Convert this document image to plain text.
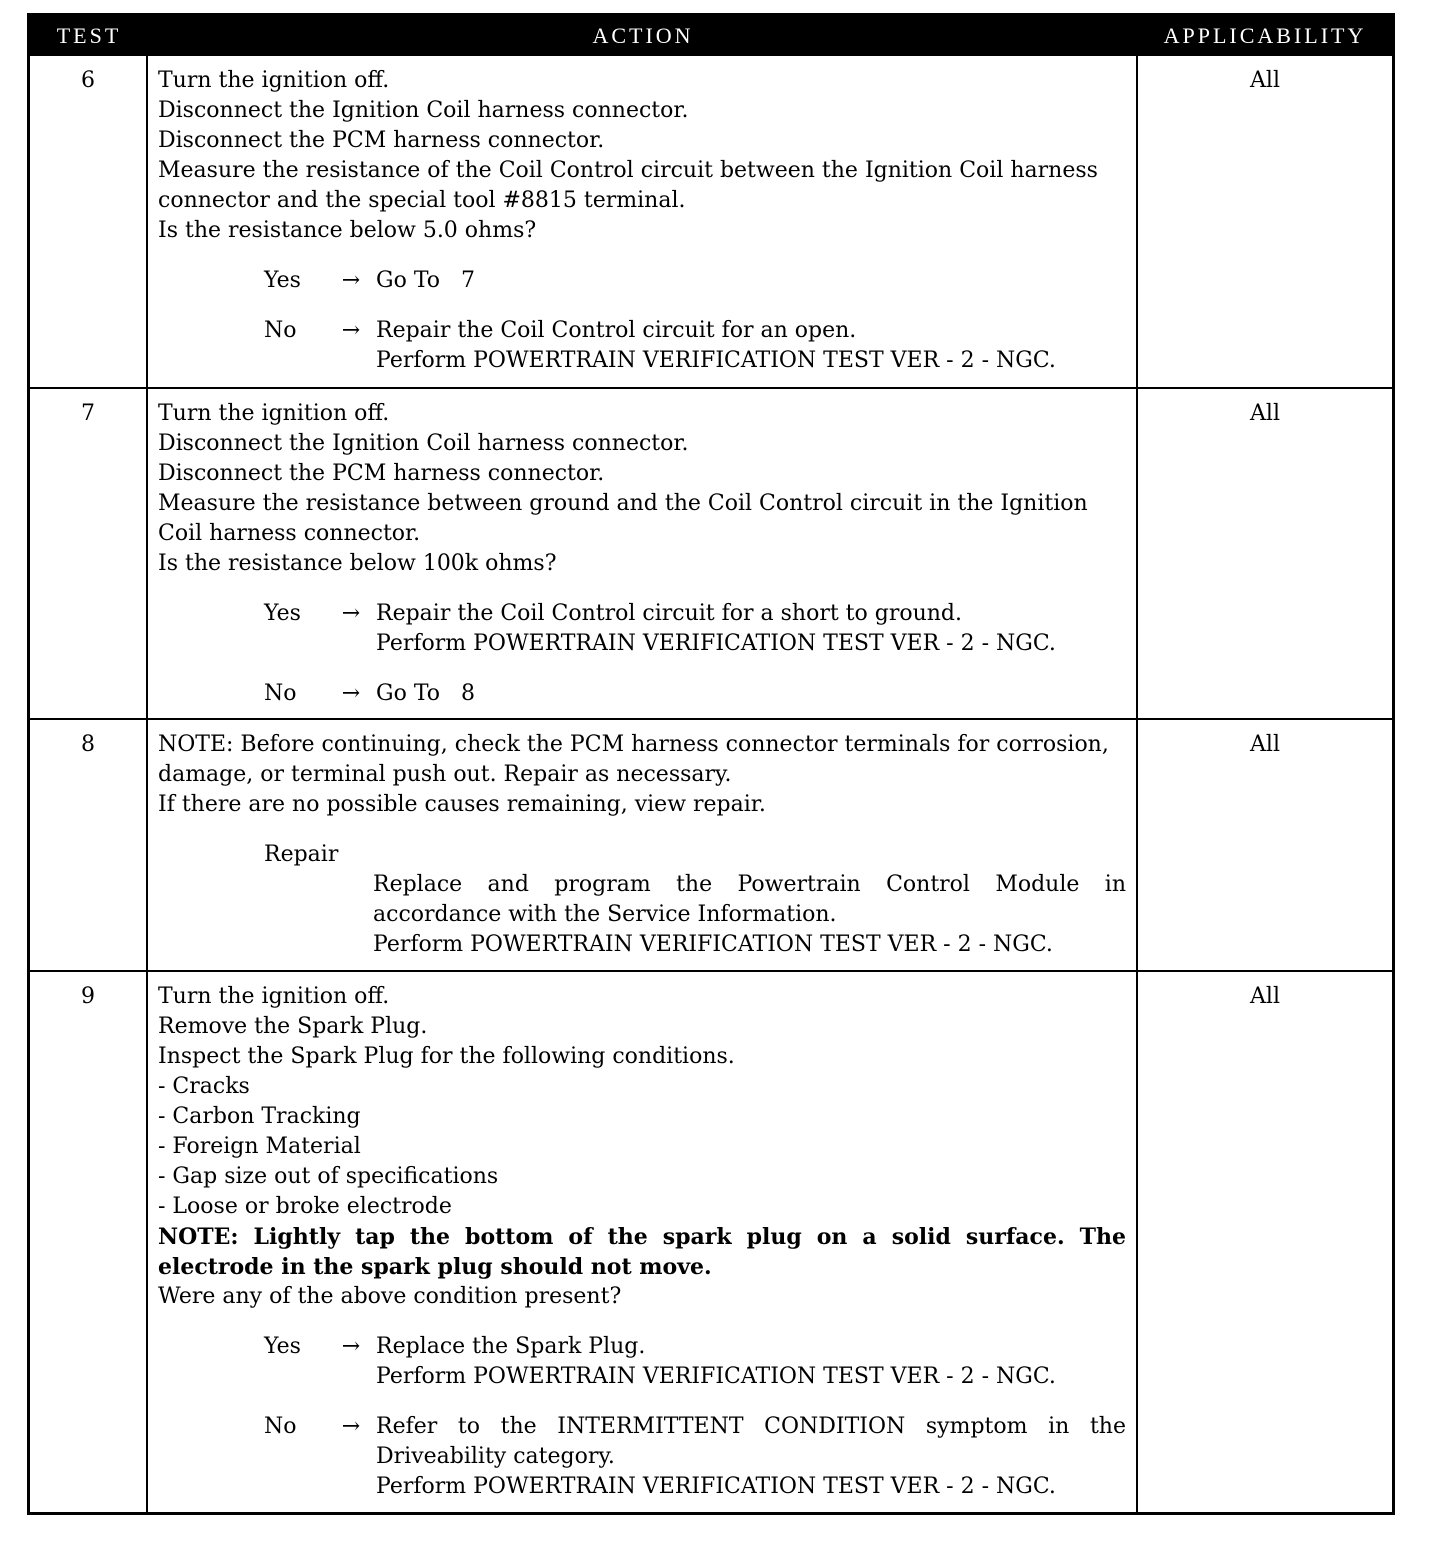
TEST	ACTION	APPLICABILITY
6	Turn the ignition off.
Disconnect the Ignition Coil harness connector.
Disconnect the PCM harness connector.
Measure the resistance of the Coil Control circuit between the Ignition Coil harness connector and the special tool #8815 terminal.
Is the resistance below 5.0 ohms?
Yes	→ Go To   7
No	→ Repair the Coil Control circuit for an open.
Perform POWERTRAIN VERIFICATION TEST VER - 2 - NGC.
All
7	Turn the ignition off.
Disconnect the Ignition Coil harness connector.
Disconnect the PCM harness connector.
Measure the resistance between ground and the Coil Control circuit in the Ignition Coil harness connector.
Is the resistance below 100k ohms?
Yes	→ Repair the Coil Control circuit for a short to ground.
Perform POWERTRAIN VERIFICATION TEST VER - 2 - NGC.
No	→ Go To   8
All
8	NOTE: Before continuing, check the PCM harness connector terminals for corrosion, damage, or terminal push out. Repair as necessary.
If there are no possible causes remaining, view repair.
Repair
Replace and program the Powertrain Control Module in accordance with the Service Information.
Perform POWERTRAIN VERIFICATION TEST VER - 2 - NGC.
All
9	Turn the ignition off.
Remove the Spark Plug.
Inspect the Spark Plug for the following conditions.
- Cracks
- Carbon Tracking
- Foreign Material
- Gap size out of specifications
- Loose or broke electrode
NOTE: Lightly tap the bottom of the spark plug on a solid surface. The electrode in the spark plug should not move.
Were any of the above condition present?
Yes	→ Replace the Spark Plug.
Perform POWERTRAIN VERIFICATION TEST VER - 2 - NGC.
No	→ Refer to the INTERMITTENT CONDITION symptom in the Driveability category.
Perform POWERTRAIN VERIFICATION TEST VER - 2 - NGC.
All
